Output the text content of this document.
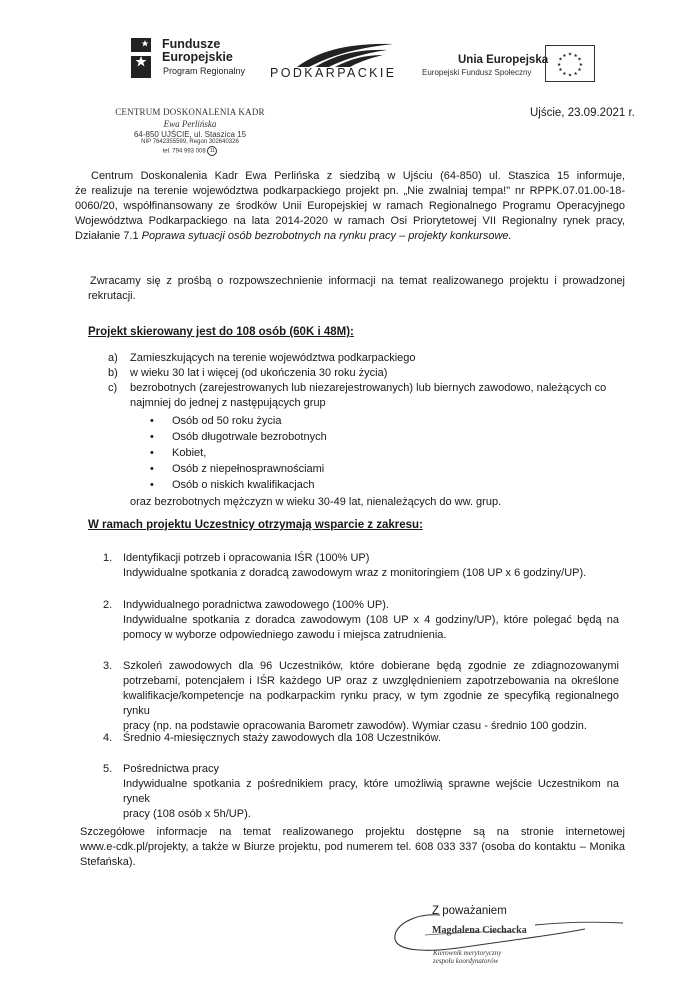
Fundusze
Europejskie
Program Regionalny PODKARPACKIE
Unia Europejska
Europejski Fundusz Społeczny
★ ★
★
★
★
★
★
★
★
★
★
★
CENTRUM DOSKONALENIA KADR
Ewa Perlińska
64-850 UJŚCIE, ul. Staszica 15
NIP 7642355599, Regon 302640326
tel. 794 993 008 11
Ujście, 23.09.2021 r.
Centrum Doskonalenia Kadr Ewa Perlińska z siedzibą w Ujściu (64-850) ul. Staszica 15 informuje,
że realizuje na terenie województwa podkarpackiego projekt pn. „Nie zwalniaj tempa!" nr RPPK.07.01.00-18-
0060/20, współfinansowany ze środków Unii Europejskiej w ramach Regionalnego Programu Operacyjnego
Województwa Podkarpackiego na lata 2014-2020 w ramach Osi Priorytetowej VII Regionalny rynek pracy,
Działanie 7.1 Poprawa sytuacji osób bezrobotnych na rynku pracy – projekty konkursowe.
Zwracamy się z prośbą o rozpowszechnienie informacji na temat realizowanego projektu i prowadzonej
rekrutacji.
Projekt skierowany jest do 108 osób (60K i 48M):
a)	Zamieszkujących na terenie województwa podkarpackiego
b)	w wieku 30 lat i więcej (od ukończenia 30 roku życia)
c)	bezrobotnych (zarejestrowanych lub niezarejestrowanych) lub biernych zawodowo, należących co
najmniej do jednej z następujących grup
•	Osób od 50 roku życia
•	Osób długotrwale bezrobotnych
•	Kobiet,
•	Osób z niepełnosprawnościami
•	Osób o niskich kwalifikacjach
oraz bezrobotnych mężczyzn w wieku 30-49 lat, nienależących do ww. grup.
W ramach projektu Uczestnicy otrzymają wsparcie z zakresu:
1. Identyfikacji potrzeb i opracowania IŚR (100% UP)
Indywidualne spotkania z doradcą zawodowym wraz z monitoringiem (108 UP x 6 godziny/UP).
2. Indywidualnego poradnictwa zawodowego (100% UP).
Indywidualne spotkania z doradca zawodowym (108 UP x 4 godziny/UP), które polegać będą na
pomocy w wyborze odpowiedniego zawodu i miejsca zatrudnienia.
3. Szkoleń zawodowych dla 96 Uczestników, które dobierane będą zgodnie ze zdiagnozowanymi
potrzebami, potencjałem i IŚR każdego UP oraz z uwzględnieniem zapotrzebowania na określone
kwalifikacje/kompetencje na podkarpackim rynku pracy, w tym zgodnie ze specyfiką regionalnego rynku
pracy (np. na podstawie opracowania Barometr zawodów). Wymiar czasu - średnio 100 godzin.
4. Średnio 4-miesięcznych staży zawodowych dla 108 Uczestników.
5. Pośrednictwa pracy
Indywidualne spotkania z pośrednikiem pracy, które umożliwią sprawne wejście Uczestnikom na rynek
pracy (108 osób x 5h/UP).
Szczegółowe informacje na temat realizowanego projektu dostępne są na stronie internetowej
www.e-cdk.pl/projekty, a także w Biurze projektu, pod numerem tel. 608 033 337 (osoba do kontaktu – Monika
Stefańska).
Z poważaniem
Magdalena Ciechacka
Kierownik merytoryczny
zespołu koordynatorów
